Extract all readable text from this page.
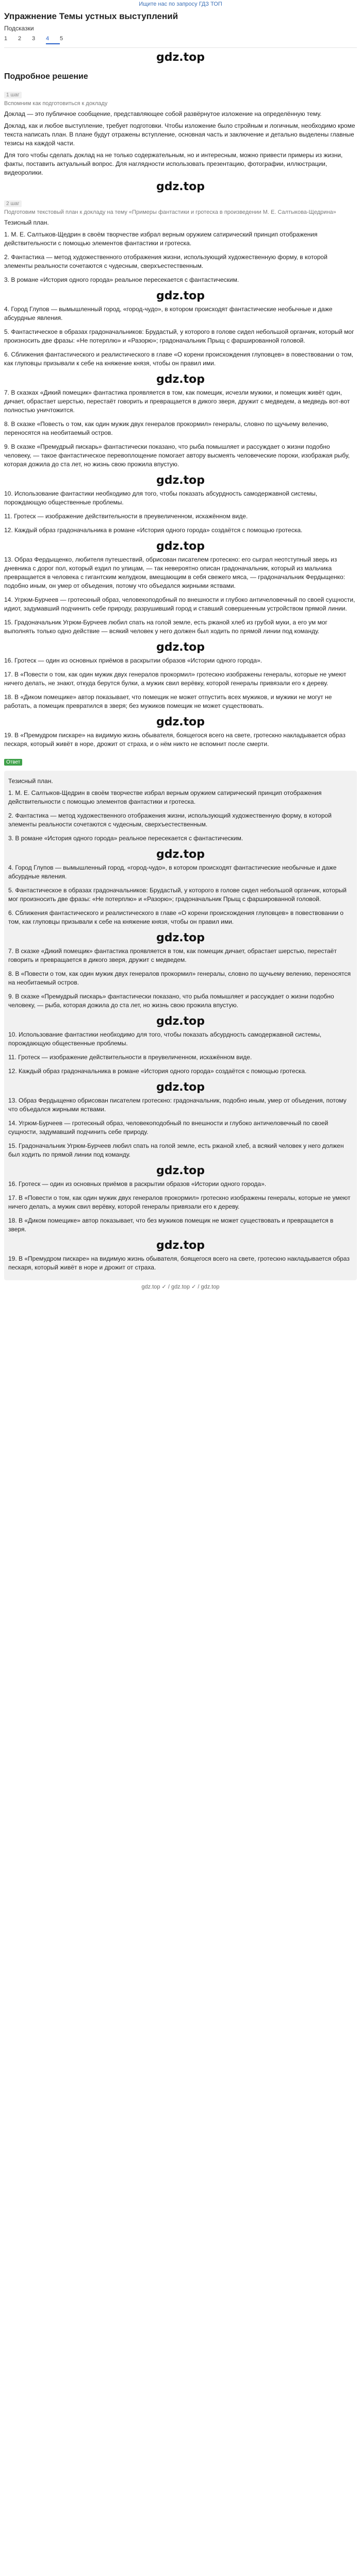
Ищите нас по запросу ГДЗ ТОП
Упражнение Темы устных выступлений
Подсказки
1	2	3	4	5
gdz.top
Подробное решение
1 шаг
Вспомним как подготовиться к докладу

Доклад — это публичное сообщение, представляющее собой развёрнутое изложение на определённую тему.

Доклад, как и любое выступление, требует подготовки. Чтобы изложение было стройным и логичным, необходимо кроме текста написать план. В плане будут отражены вступление, основная часть и заключение и детально выделены главные тезисы на каждой части.

Для того чтобы сделать доклад на не только содержательным, но и интересным, можно привести примеры из жизни, факты, поставить актуальный вопрос. Для наглядности использовать презентацию, фотографии, иллюстрации, видеоролики.

gdz.top
2 шаг
Подготовим текстовый план к докладу на тему «Примеры фантастики и гротеска в произведении М. Е. Салтыкова-Щедрина»

Тезисный план.

1. М. Е. Салтыков-Щедрин в своём творчестве избрал верным оружием сатирический принцип отображения действительности с помощью элементов фантастики и гротеска.

2. Фантастика — метод художественного отображения жизни, использующий художественную форму, в которой элементы реальности сочетаются с чудесным, сверхъестественным.

3. В романе «История одного города» реальное пересекается с фантастическим.

gdz.top

4. Город Глупов — вымышленный город, «город-чудо», в котором происходят фантастические необычные и даже абсурдные явления.

5. Фантастическое в образах градоначальников: Брудастый, у которого в голове сидел небольшой органчик, который мог произносить две фразы: «Не потерплю» и «Разорю»; градоначальник Прыщ с фаршированной головой.

6. Сближения фантастического и реалистического в главе «О корени происхождения глуповцев» в повествовании о том, как глуповцы призывали к себе на княжение князя, чтобы он правил ими.

gdz.top

7. В сказках «Дикий помещик» фантастика проявляется в том, как помещик, исчезли мужики, и помещик живёт один, дичает, обрастает шерстью, перестаёт говорить и превращается в дикого зверя, дружит с медведем, а медведь вот-вот полностью уничтожится.

8. В сказке «Повесть о том, как один мужик двух генералов прокормил» генералы, словно по щучьему велению, переносятся на необитаемый остров.

9. В сказке «Премудрый пискарь» фантастически показано, что рыба помышляет и рассуждает о жизни подобно человеку, — такое фантастическое перевоплощение помогает автору высмеять человеческие пороки, изображая рыбу, которая дожила до ста лет, но жизнь свою прожила впустую.

gdz.top

10. Использование фантастики необходимо для того, чтобы показать абсурдность самодержавной системы, порождающую общественные проблемы.

11. Гротеск — изображение действительности в преувеличенном, искажённом виде.

12. Каждый образ градоначальника в романе «История одного города» создаётся с помощью гротеска.

gdz.top

13. Образ Фердыщенко, любителя путешествий, обрисован писателем гротескно: его сыграл неотступный зверь из дневника с дорог пол, который ездил по улицам, — так невероятно описан градоначальник, который из мальчика превращается в человека с гигантским желудком, вмещающим в себя свежего мяса, — градоначальник Фердыщенко: подобно иным, он умер от объедения, потому что объедался жирными яствами.

14. Угрюм-Бурчеев — гротескный образ, человекоподобный по внешности и глубоко античеловечный по своей сущности, идиот, задумавший подчинить себе природу, разрушивший город и ставший совершенным устройством прямой линии.

15. Градоначальник Угрюм-Бурчеев любил спать на голой земле, есть ржаной хлеб из грубой муки, а его ум мог выполнять только одно действие — всякий человек у него должен был ходить по прямой линии под команду.

gdz.top

16. Гротеск — один из основных приёмов в раскрытии образов «Истории одного города».

17. В «Повести о том, как один мужик двух генералов прокормил» гротескно изображены генералы, которые не умеют ничего делать, не знают, откуда берутся булки, а мужик свил верёвку, которой генералы привязали его к дереву.

18. В «Диком помещике» автор показывает, что помещик не может отпустить всех мужиков, и мужики не могут не работать, а помещик превратился в зверя; без мужиков помещик не может существовать.

gdz.top

19. В «Премудром пискаре» на видимую жизнь обывателя, боящегося всего на свете, гротескно накладывается образ пескаря, который живёт в норе, дрожит от страха, и о нём никто не вспомнит после смерти.

Ответ

Тезисный план.

1. М. Е. Салтыков-Щедрин в своём творчестве избрал верным оружием сатирический принцип отображения действительности с помощью элементов фантастики и гротеска.

2. Фантастика — метод художественного отображения жизни, использующий художественную форму, в которой элементы реальности сочетаются с чудесным, сверхъестественным.

3. В романе «История одного города» реальное пересекается с фантастическим.

gdz.top

4. Город Глупов — вымышленный город, «город-чудо», в котором происходят фантастические необычные и даже абсурдные явления.

5. Фантастическое в образах градоначальников: Брудастый, у которого в голове сидел небольшой органчик, который мог произносить две фразы: «Не потерплю» и «Разорю»; градоначальник Прыщ с фаршированной головой.

6. Сближения фантастического и реалистического в главе «О корени происхождения глуповцев» в повествовании о том, как глуповцы призывали к себе на княжение князя, чтобы он правил ими.

gdz.top

7. В сказке «Дикий помещик» фантастика проявляется в том, как помещик дичает, обрастает шерстью, перестаёт говорить и превращается в дикого зверя, дружит с медведем.

8. В «Повести о том, как один мужик двух генералов прокормил» генералы, словно по щучьему велению, переносятся на необитаемый остров.

9. В сказке «Премудрый пискарь» фантастически показано, что рыба помышляет и рассуждает о жизни подобно человеку, — рыба, которая дожила до ста лет, но жизнь свою прожила впустую.

gdz.top

10. Использование фантастики необходимо для того, чтобы показать абсурдность самодержавной системы, порождающую общественные проблемы.

11. Гротеск — изображение действительности в преувеличенном, искажённом виде.

12. Каждый образ градоначальника в романе «История одного города» создаётся с помощью гротеска.

gdz.top

13. Образ Фердыщенко обрисован писателем гротескно: градоначальник, подобно иным, умер от объедения, потому что объедался жирными яствами.

14. Угрюм-Бурчеев — гротескный образ, человекоподобный по внешности и глубоко античеловечный по своей сущности, задумавший подчинить себе природу.

15. Градоначальник Угрюм-Бурчеев любил спать на голой земле, есть ржаной хлеб, а всякий человек у него должен был ходить по прямой линии под команду.

gdz.top

16. Гротеск — один из основных приёмов в раскрытии образов «Истории одного города».

17. В «Повести о том, как один мужик двух генералов прокормил» гротескно изображены генералы, которые не умеют ничего делать, а мужик свил верёвку, которой генералы привязали его к дереву.

18. В «Диком помещике» автор показывает, что без мужиков помещик не может существовать и превращается в зверя.

gdz.top

19. В «Премудром пискаре» на видимую жизнь обывателя, боящегося всего на свете, гротескно накладывается образ пескаря, который живёт в норе и дрожит от страха.

gdz.top ✓ / gdz.top ✓ / gdz.top
